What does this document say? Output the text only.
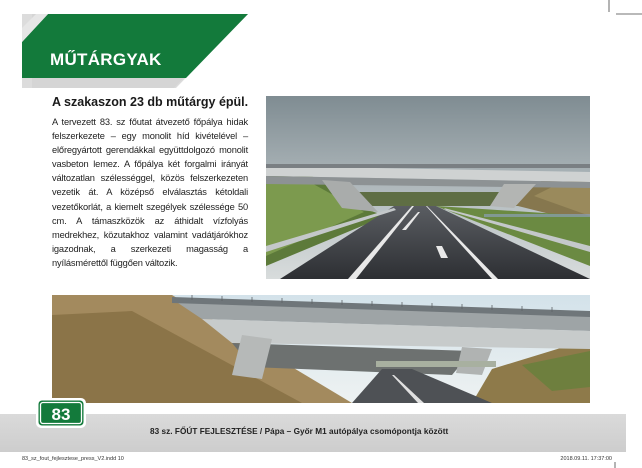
MŰTÁRGYAK
A szakaszon 23 db műtárgy épül.

A tervezett 83. sz főutat átvezető főpálya hidak felszerkezete – egy monolit híd kivételével – előregyártott gerendákkal együttdolgozó monolit vasbeton lemez. A főpálya két forgalmi irányát változatlan szélességgel, közös felszerkezeten vezetik át. A középső elválasztás kétoldali vezetőkorlát, a kiemelt szegélyek szélessége 50 cm. A támaszközök az áthidalt vízfolyás medrekhez, közutakhoz valamint vadátjárókhoz igazodnak, a szerkezeti magasság a nyílásmérettől függően változik.

83

83 sz. FŐÚT FEJLESZTÉSE / Pápa – Győr M1 autópálya csomópontja között

83_sz_fout_fejlesztese_press_V2.indd 10	2018.09.11. 17:37:00
